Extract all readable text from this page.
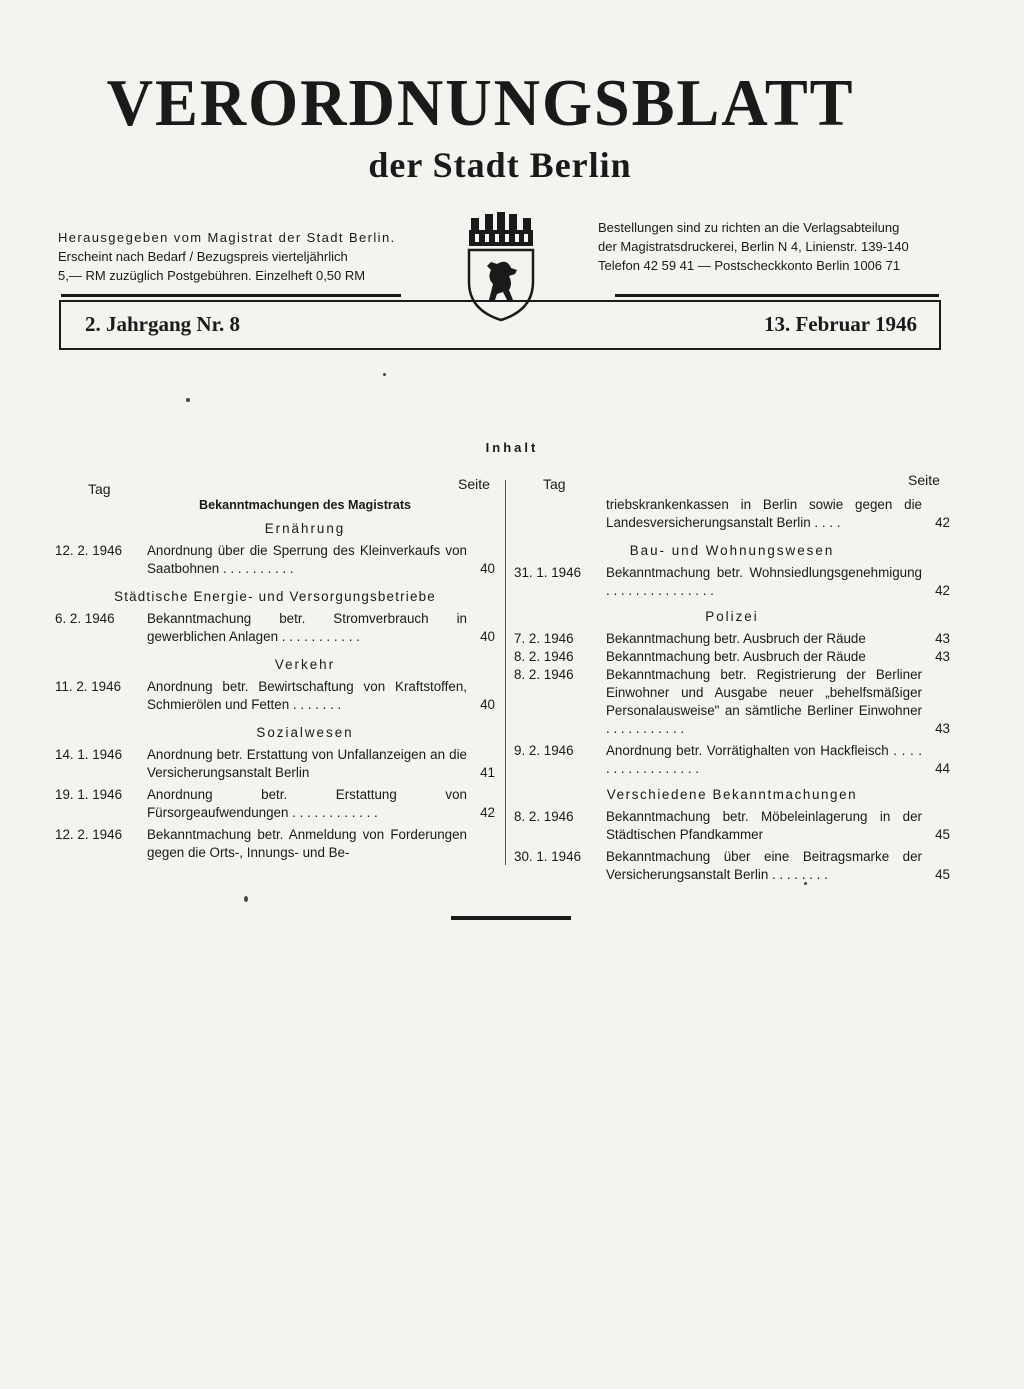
VERORDNUNGSBLATT
der Stadt Berlin
Herausgegeben vom Magistrat der Stadt Berlin.
Erscheint nach Bedarf / Bezugspreis vierteljährlich
5,— RM zuzüglich Postgebühren. Einzelheft 0,50 RM
Bestellungen sind zu richten an die Verlagsabteilung
der Magistratsdruckerei, Berlin N 4, Linienstr. 139-140
Telefon 42 59 41 — Postscheckkonto Berlin 1006 71
2. Jahrgang Nr. 8	13. Februar 1946
Inhalt
Tag	Seite	Tag	Seite
Bekanntmachungen des Magistrats
Ernährung
12. 2. 1946	Anordnung über die Sperrung des Kleinverkaufs von Saatbohnen . . . . . . . . . .	40
Städtische Energie- und Versorgungsbetriebe
6. 2. 1946	Bekanntmachung betr. Stromverbrauch in gewerblichen Anlagen . . . . . . . . . . .	40
Verkehr
11. 2. 1946	Anordnung betr. Bewirtschaftung von Kraftstoffen, Schmierölen und Fetten . . . . . . .	40
Sozialwesen
14. 1. 1946	Anordnung betr. Erstattung von Unfallanzeigen an die Versicherungsanstalt Berlin	41
19. 1. 1946	Anordnung betr. Erstattung von Fürsorgeaufwendungen . . . . . . . . . . . .	42
12. 2. 1946	Bekanntmachung betr. Anmeldung von Forderungen gegen die Orts-, Innungs- und Be-
triebskrankenkassen in Berlin sowie gegen die Landesversicherungsanstalt Berlin . . . .	42
Bau- und Wohnungswesen
31. 1. 1946	Bekanntmachung betr. Wohnsiedlungsgenehmigung . . . . . . . . . . . . . . .	42
Polizei
7. 2. 1946	Bekanntmachung betr. Ausbruch der Räude	43
8. 2. 1946	Bekanntmachung betr. Ausbruch der Räude	43
8. 2. 1946	Bekanntmachung betr. Registrierung der Berliner Einwohner und Ausgabe neuer „behelfsmäßiger Personalausweise" an sämtliche Berliner Einwohner . . . . . . . . . . .	43
9. 2. 1946	Anordnung betr. Vorrätighalten von Hackfleisch . . . . . . . . . . . . . . . . .	44
Verschiedene Bekanntmachungen
8. 2. 1946	Bekanntmachung betr. Möbeleinlagerung in der Städtischen Pfandkammer	45
30. 1. 1946	Bekanntmachung über eine Beitragsmarke der Versicherungsanstalt Berlin . . . . . . . .	45
